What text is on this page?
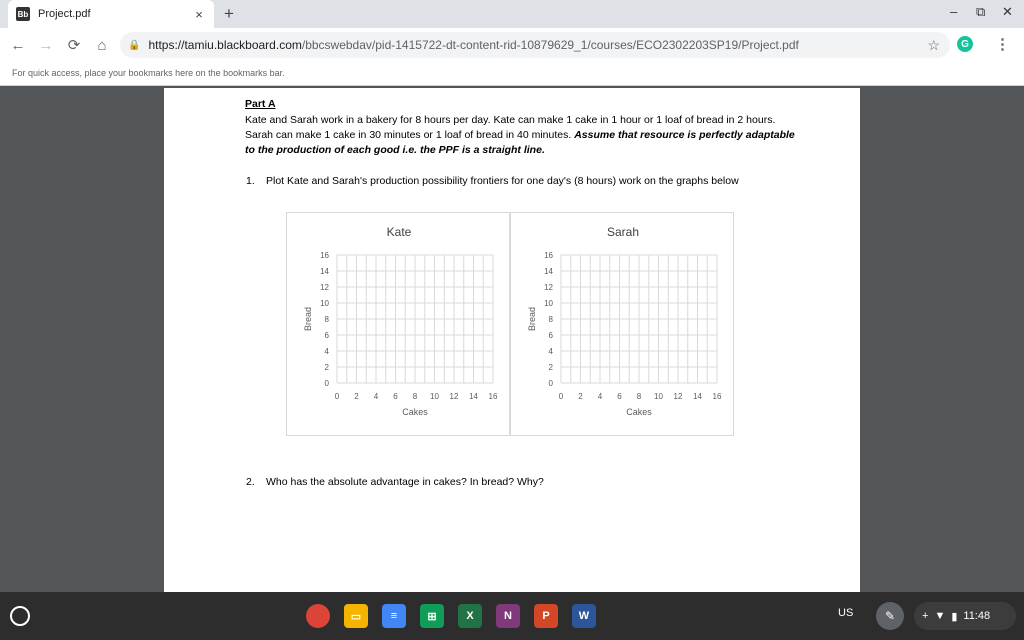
Bb Project.pdf	× +	– ⧉ ✕
← → ⟳	⌂	🔒 https://tamiu.blackboard.com /bbcswebdav/pid-1415722-dt-content-rid-10879629_1/courses/ECO2302203SP19/Project.pdf	☆	G ⋮
For quick access, place your bookmarks here on the bookmarks bar.
Part A
Kate and Sarah work in a bakery for 8 hours per day. Kate can make 1 cake in 1 hour or 1 loaf of bread in 2 hours. Sarah can make 1 cake in 30 minutes or 1 loaf of bread in 40 minutes. Assume that resource is perfectly adaptable to the production of each good i.e. the PPF is a straight line.
1. Plot Kate and Sarah's production possibility frontiers for one day's (8 hours) work on the graphs below
Kate
0 2 4 6 8 10 12 14 16
0
2
4
6
8
10
12
14
16
Cakes
Bread
Sarah
0 2 4 6 8 10 12 14 16
0
2
4
6
8
10
12
14
16
Cakes
Bread
2. Who has the absolute advantage in cakes? In bread? Why?
▭	≡	⊞	X	N	P	W	US	✎	+ ▼ ▮ 11:48
